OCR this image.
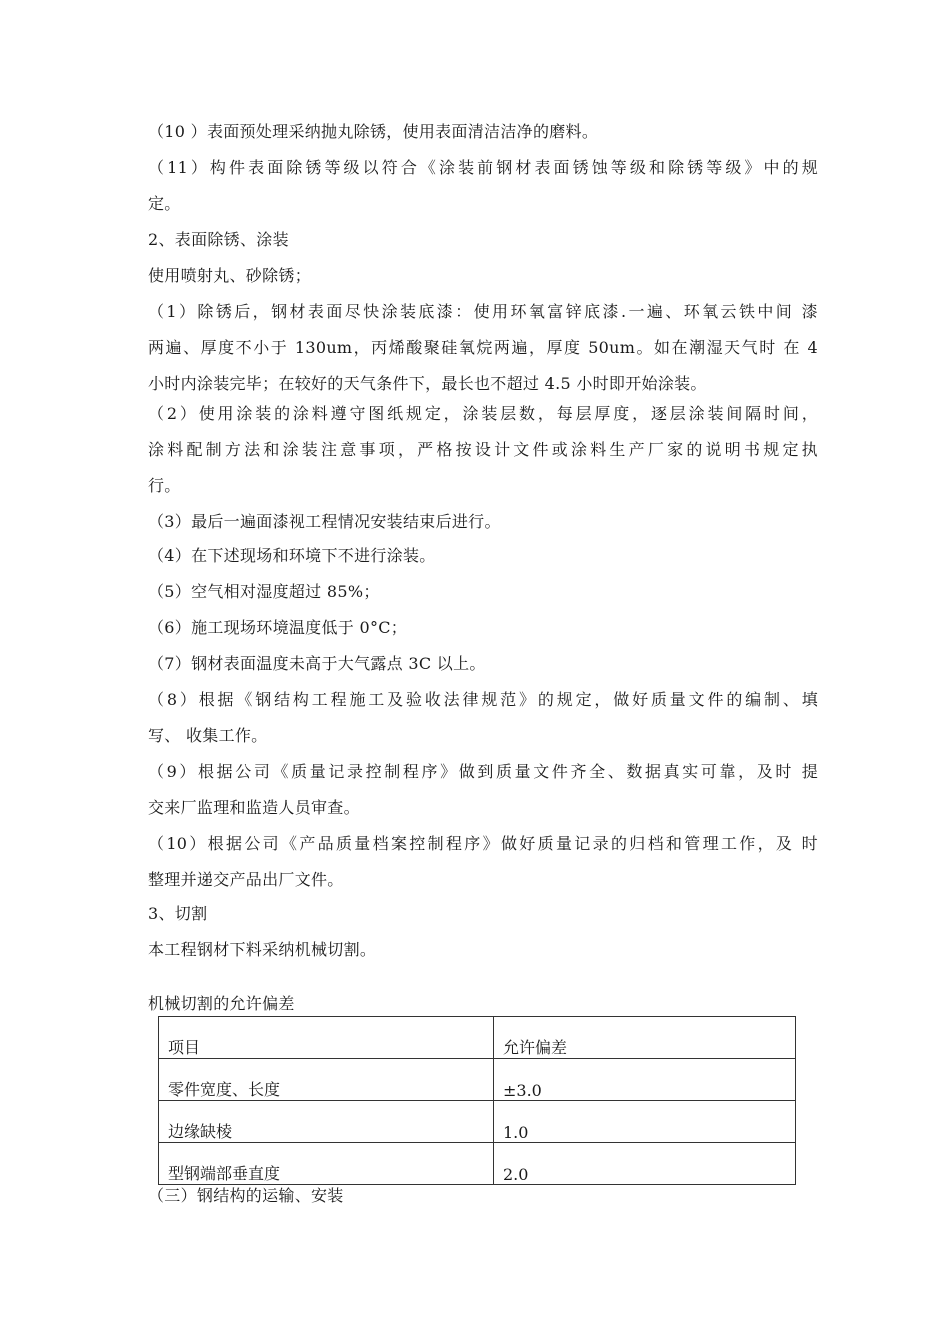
（10 ）表面预处理采纳抛丸除锈，使用表面清洁洁净的磨料。
（11）构件表面除锈等级以符合《涂装前钢材表面锈蚀等级和除锈等级》中的规
定。
2、表面除锈、涂装
使用喷射丸、砂除锈；
（1）除锈后，钢材表面尽快涂装底漆：使用环氧富锌底漆.一遍、环氧云铁中间 漆
两遍、厚度不小于 130um，丙烯酸聚硅氧烷两遍，厚度 50um。如在潮湿天气时 在 4
小时内涂装完毕；在较好的天气条件下，最长也不超过 4.5 小时即开始涂装。
（2）使用涂装的涂料遵守图纸规定，涂装层数，每层厚度，逐层涂装间隔时间，
涂料配制方法和涂装注意事项，严格按设计文件或涂料生产厂家的说明书规定执
行。
（3）最后一遍面漆视工程情况安装结束后进行。
（4）在下述现场和环境下不进行涂装。
（5）空气相对湿度超过 85%；
（6）施工现场环境温度低于 0°C；
（7）钢材表面温度未高于大气露点 3C 以上。
（8）根据《钢结构工程施工及验收法律规范》的规定，做好质量文件的编制、填
写、 收集工作。
（9）根据公司《质量记录控制程序》做到质量文件齐全、数据真实可靠，及时 提
交来厂监理和监造人员审查。
（10）根据公司《产品质量档案控制程序》做好质量记录的归档和管理工作，及 时
整理并递交产品出厂文件。
3、切割
本工程钢材下料采纳机械切割。
机械切割的允许偏差
项目	允许偏差
零件宽度、长度	±3.0
边缘缺棱	1.0
型钢端部垂直度	2.0
（三）钢结构的运输、安装
